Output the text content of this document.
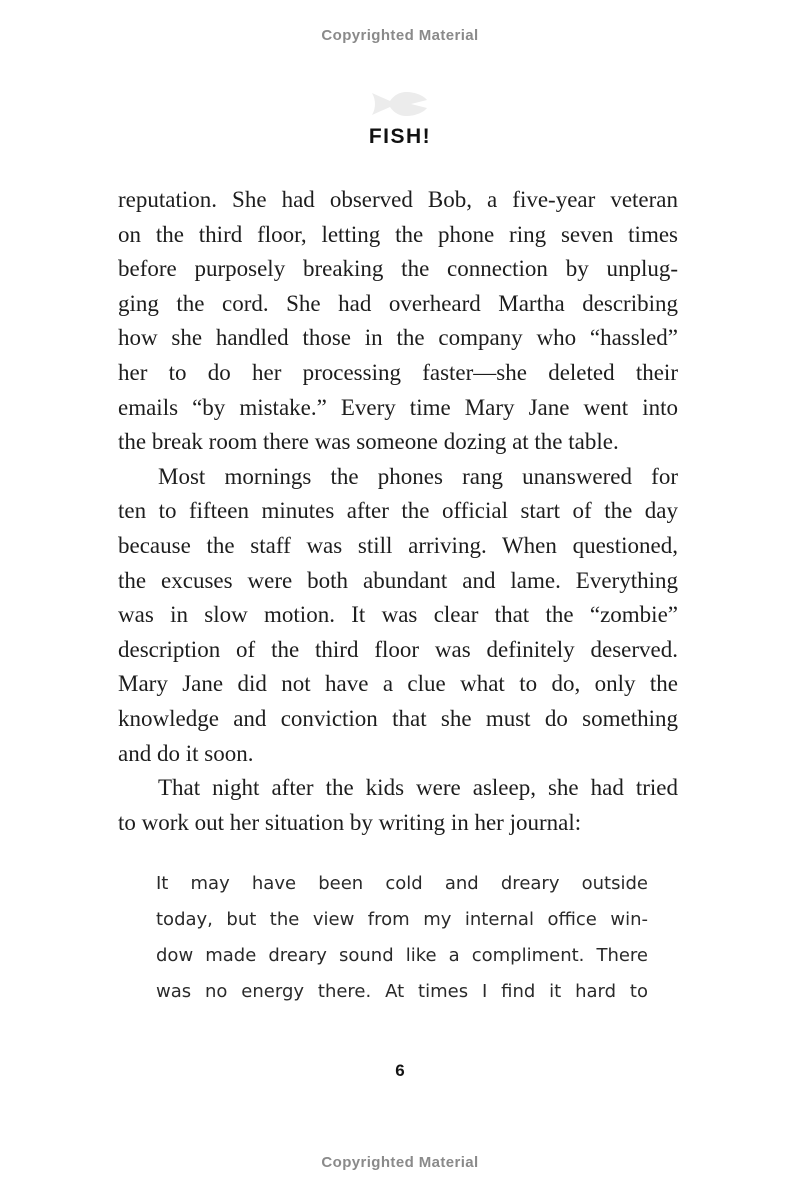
Copyrighted Material
FISH!
reputation. She had observed Bob, a five-year veteran
on the third floor, letting the phone ring seven times
before purposely breaking the connection by unplug-
ging the cord. She had overheard Martha describing
how she handled those in the company who “hassled”
her to do her processing faster—she deleted their
emails “by mistake.” Every time Mary Jane went into
the break room there was someone dozing at the table.
Most mornings the phones rang unanswered for
ten to fifteen minutes after the official start of the day
because the staff was still arriving. When questioned,
the excuses were both abundant and lame. Everything
was in slow motion. It was clear that the “zombie”
description of the third floor was definitely deserved.
Mary Jane did not have a clue what to do, only the
knowledge and conviction that she must do something
and do it soon.
That night after the kids were asleep, she had tried
to work out her situation by writing in her journal:
It may have been cold and dreary outside
today, but the view from my internal office win-
dow made dreary sound like a compliment. There
was no energy there. At times I find it hard to
6
Copyrighted Material
